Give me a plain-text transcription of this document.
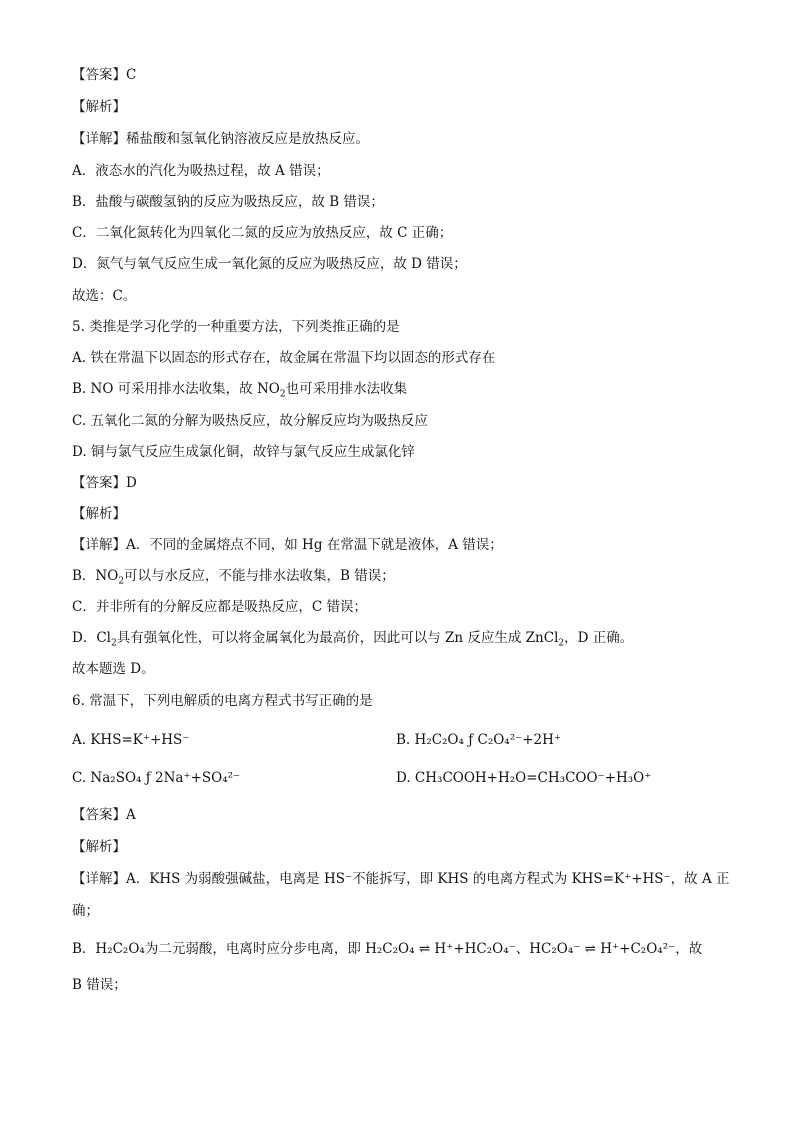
【答案】C
【解析】
【详解】稀盐酸和氢氧化钠溶液反应是放热反应。
A．液态水的汽化为吸热过程，故 A 错误；
B．盐酸与碳酸氢钠的反应为吸热反应，故 B 错误；
C．二氧化氮转化为四氧化二氮的反应为放热反应，故 C 正确；
D．氮气与氧气反应生成一氧化氮的反应为吸热反应，故 D 错误；
故选：C。
5. 类推是学习化学的一种重要方法，下列类推正确的是
A. 铁在常温下以固态的形式存在，故金属在常温下均以固态的形式存在
B. NO 可采用排水法收集，故 $NO_2$也可采用排水法收集
C. 五氧化二氮的分解为吸热反应，故分解反应均为吸热反应
D. 铜与氯气反应生成氯化铜，故锌与氯气反应生成氯化锌
【答案】D
【解析】
【详解】A．不同的金属熔点不同，如 Hg 在常温下就是液体，A 错误；
B．$NO_2$可以与水反应，不能与排水法收集，B 错误；
C．并非所有的分解反应都是吸热反应，C 错误；
D．$Cl_2$具有强氧化性，可以将金属氧化为最高价，因此可以与 Zn 反应生成 ZnCl$_2$，D 正确。
故本题选 D。
6. 常温下，下列电解质的电离方程式书写正确的是
A. KHS=K⁺+HS⁻	B. H₂C₂O₄ ƒ C₂O₄²⁻+2H⁺
C. Na₂SO₄ ƒ 2Na⁺+SO₄²⁻	D. CH₃COOH+H₂O=CH₃COO⁻+H₃O⁺
【答案】A
【解析】
【详解】A．KHS 为弱酸强碱盐，电离是 HS⁻不能拆写，即 KHS 的电离方程式为 KHS=K⁺+HS⁻，故 A 正
确；
B．H₂C₂O₄为二元弱酸，电离时应分步电离，即 H₂C₂O₄ ⇌ H⁺+HC₂O₄⁻、HC₂O₄⁻ ⇌ H⁺+C₂O₄²⁻，故
B 错误；
